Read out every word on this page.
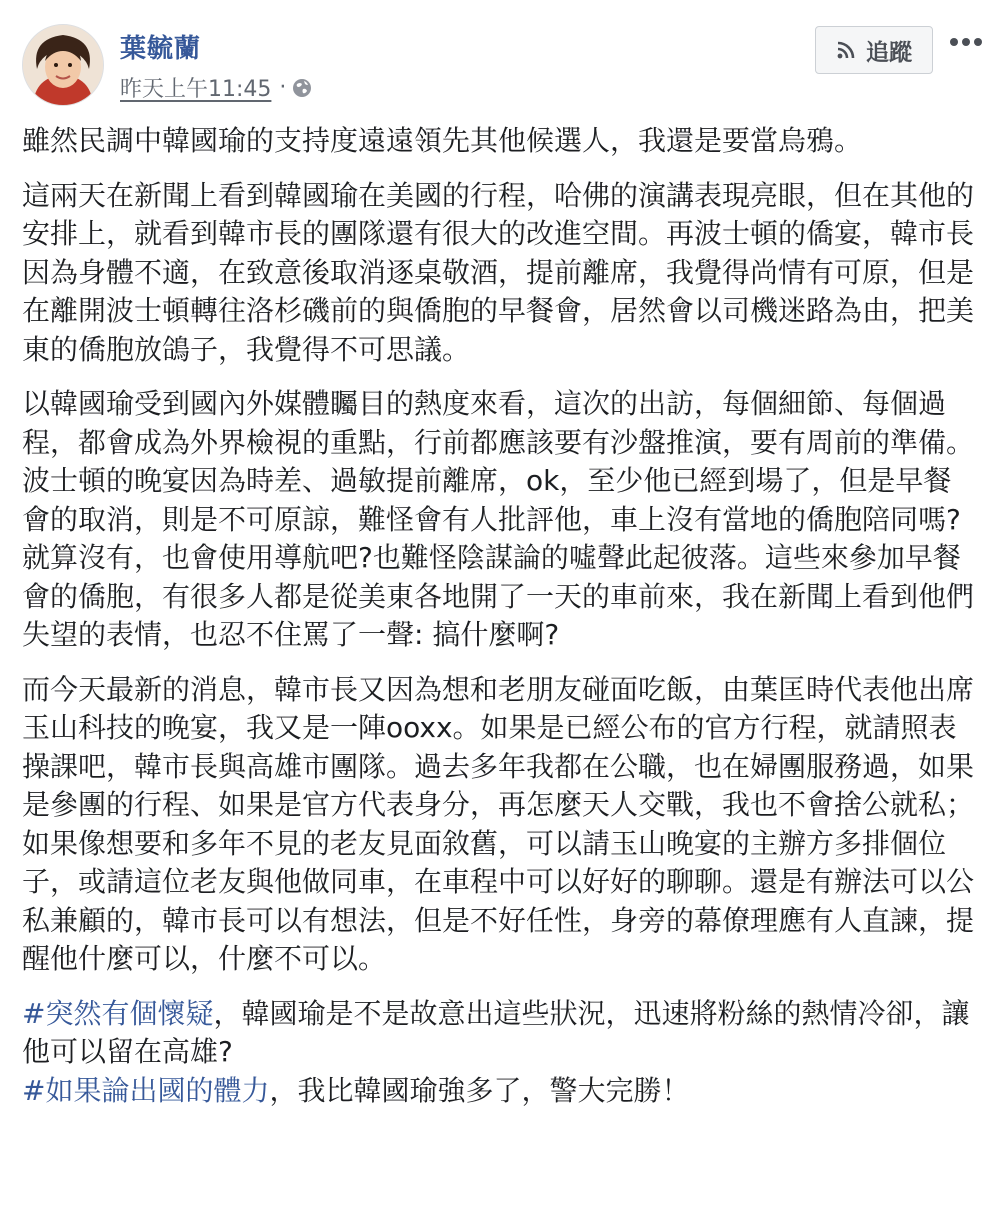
葉毓蘭
昨天上午11:45 ·
追蹤

雖然民調中韓國瑜的支持度遠遠領先其他候選人，我還是要當烏鴉。

這兩天在新聞上看到韓國瑜在美國的行程，哈佛的演講表現亮眼，但在其他的安排上，就看到韓市長的團隊還有很大的改進空間。再波士頓的僑宴，韓市長因為身體不適，在致意後取消逐桌敬酒，提前離席，我覺得尚情有可原，但是在離開波士頓轉往洛杉磯前的與僑胞的早餐會，居然會以司機迷路為由，把美東的僑胞放鴿子，我覺得不可思議。

以韓國瑜受到國內外媒體矚目的熱度來看，這次的出訪，每個細節、每個過程，都會成為外界檢視的重點，行前都應該要有沙盤推演，要有周前的準備。波士頓的晚宴因為時差、過敏提前離席，ok，至少他已經到場了，但是早餐會的取消，則是不可原諒，難怪會有人批評他，車上沒有當地的僑胞陪同嗎?就算沒有，也會使用導航吧?也難怪陰謀論的噓聲此起彼落。這些來參加早餐會的僑胞，有很多人都是從美東各地開了一天的車前來，我在新聞上看到他們失望的表情，也忍不住罵了一聲: 搞什麼啊?

而今天最新的消息，韓市長又因為想和老朋友碰面吃飯，由葉匡時代表他出席玉山科技的晚宴，我又是一陣ooxx。如果是已經公布的官方行程，就請照表操課吧，韓市長與高雄市團隊。過去多年我都在公職，也在婦團服務過，如果是參團的行程、如果是官方代表身分，再怎麼天人交戰，我也不會捨公就私；如果像想要和多年不見的老友見面敘舊，可以請玉山晚宴的主辦方多排個位子，或請這位老友與他做同車，在車程中可以好好的聊聊。還是有辦法可以公私兼顧的，韓市長可以有想法，但是不好任性，身旁的幕僚理應有人直諫，提醒他什麼可以，什麼不可以。

#突然有個懷疑，韓國瑜是不是故意出這些狀況，迅速將粉絲的熱情冷卻，讓他可以留在高雄?

#如果論出國的體力，我比韓國瑜強多了，警大完勝！
